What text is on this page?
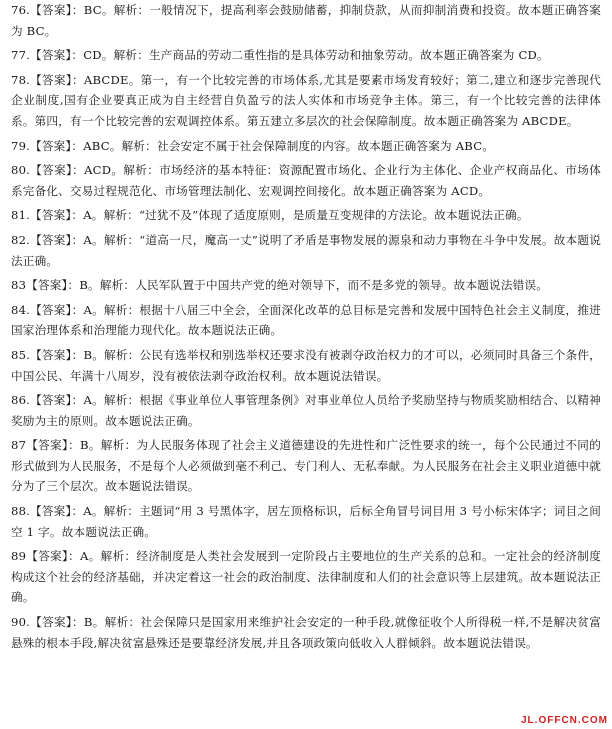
76.【答案】：BC。解析：一般情况下，提高利率会鼓励储蓄，抑制贷款，从而抑制消费和投资。故本题正确答案为 BC。

77.【答案】：CD。解析：生产商品的劳动二重性指的是具体劳动和抽象劳动。故本题正确答案为 CD。

78.【答案】：ABCDE。第一，有一个比较完善的市场体系,尤其是要素市场发育较好；第二,建立和逐步完善现代企业制度,国有企业要真正成为自主经营自负盈亏的法人实体和市场竞争主体。第三，有一个比较完善的法律体系。第四，有一个比较完善的宏观调控体系。第五建立多层次的社会保障制度。故本题正确答案为 ABCDE。

79.【答案】：ABC。解析：社会安定不属于社会保障制度的内容。故本题正确答案为 ABC。

80.【答案】：ACD。解析：市场经济的基本特征：资源配置市场化、企业行为主体化、企业产权商品化、市场体系完备化、交易过程规范化、市场管理法制化、宏观调控间接化。故本题正确答案为 ACD。

81.【答案】：A。解析：“过犹不及”体现了适度原则，是质量互变规律的方法论。故本题说法正确。

82.【答案】：A。解析：“道高一尺，魔高一丈”说明了矛盾是事物发展的源泉和动力事物在斗争中发展。故本题说法正确。

83【答案】：B。解析：人民军队置于中国共产党的绝对领导下，而不是多党的领导。故本题说法错误。

84.【答案】：A。解析：根据十八届三中全会，全面深化改革的总目标是完善和发展中国特色社会主义制度，推进国家治理体系和治理能力现代化。故本题说法正确。

85.【答案】：B。解析：公民有选举权和别选举权还要求没有被剥夺政治权力的才可以，必须同时具备三个条件，中国公民、年满十八周岁，没有被依法剥夺政治权利。故本题说法错误。

86.【答案】：A。解析：根据《事业单位人事管理条例》对事业单位人员给予奖励坚持与物质奖励相结合、以精神奖励为主的原则。故本题说法正确。

87【答案】：B。解析：为人民服务体现了社会主义道德建设的先进性和广泛性要求的统一，每个公民通过不同的形式做到为人民服务，不是每个人必须做到毫不利己、专门利人、无私奉献。为人民服务在社会主义职业道德中就分为了三个层次。故本题说法错误。

88.【答案】：A。解析：主题词“用 3 号黑体字，居左顶格标识，后标全角冒号词目用 3 号小标宋体字；词目之间空 1 字。故本题说法正确。

89【答案】：A。解析：经济制度是人类社会发展到一定阶段占主要地位的生产关系的总和。一定社会的经济制度构成这个社会的经济基础，并决定着这一社会的政治制度、法律制度和人们的社会意识等上层建筑。故本题说法正确。

90.【答案】：B。解析：社会保障只是国家用来维护社会安定的一种手段,就像征收个人所得税一样,不是解决贫富悬殊的根本手段,解决贫富悬殊还是要靠经济发展,并且各项政策向低收入人群倾斜。故本题说法错误。

JL.OFFCN.COM
